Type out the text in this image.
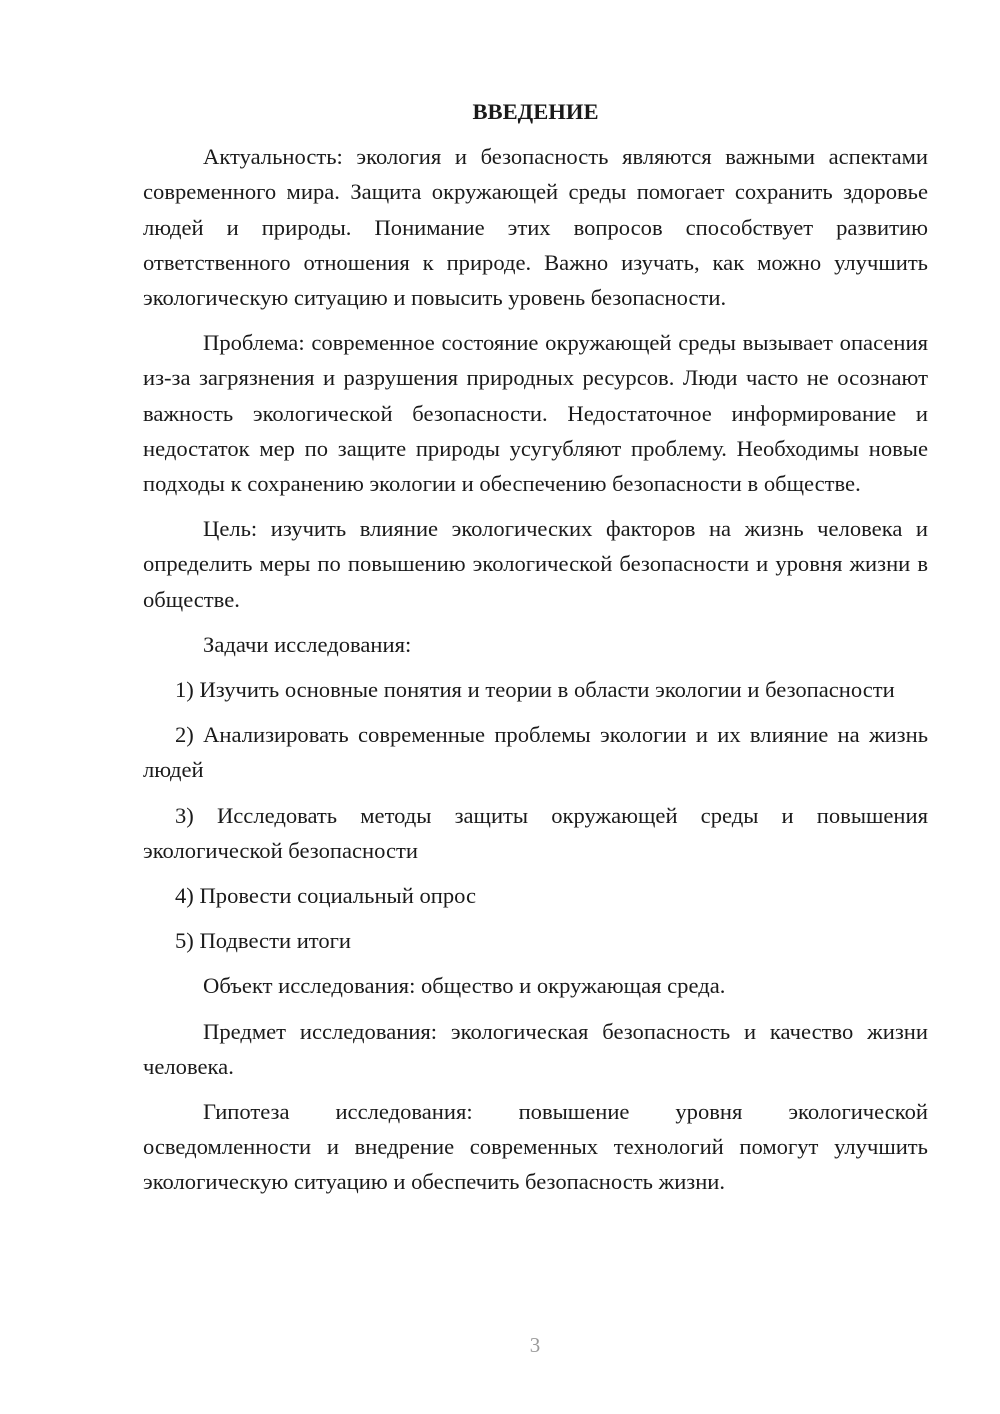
ВВЕДЕНИЕ

Актуальность: экология и безопасность являются важными аспектами современного мира. Защита окружающей среды помогает сохранить здоровье людей и природы. Понимание этих вопросов способствует развитию ответственного отношения к природе. Важно изучать, как можно улучшить экологическую ситуацию и повысить уровень безопасности.

Проблема: современное состояние окружающей среды вызывает опасения из-за загрязнения и разрушения природных ресурсов. Люди часто не осознают важность экологической безопасности. Недостаточное информирование и недостаток мер по защите природы усугубляют проблему. Необходимы новые подходы к сохранению экологии и обеспечению безопасности в обществе.

Цель: изучить влияние экологических факторов на жизнь человека и определить меры по повышению экологической безопасности и уровня жизни в обществе.

Задачи исследования:

1) Изучить основные понятия и теории в области экологии и безопасности

2) Анализировать современные проблемы экологии и их влияние на жизнь людей

3) Исследовать методы защиты окружающей среды и повышения экологической безопасности

4) Провести социальный опрос

5) Подвести итоги

Объект исследования: общество и окружающая среда.

Предмет исследования: экологическая безопасность и качество жизни человека.

Гипотеза исследования: повышение уровня экологической осведомленности и внедрение современных технологий помогут улучшить экологическую ситуацию и обеспечить безопасность жизни.

3
